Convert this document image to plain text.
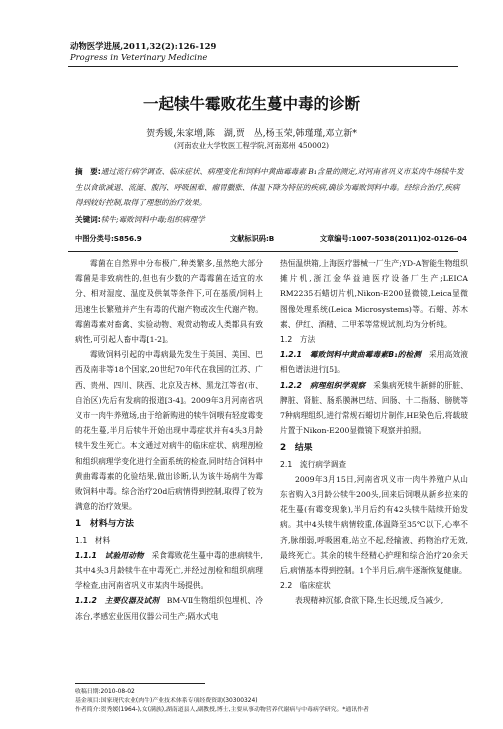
动物医学进展,2011,32(2):126-129
Progress in Veterinary Medicine
一起犊牛霉败花生蔓中毒的诊断
贺秀媛,朱家增,陈　湖,贾　丛,杨玉荣,韩瑾瑾,邓立新*
(河南农业大学牧医工程学院,河南郑州 450002)
摘　要:通过流行病学调查、临床症状、病理变化和饲料中黄曲霉毒素 B₁含量的测定,对河南省巩义市某肉牛场犊牛发生以食欲减退、流涎、腹泻、呼吸困难、瘤胃臌胀、体温下降为特征的疾病,确诊为霉败饲料中毒。经综合治疗,疾病得到较好控制,取得了理想的治疗效果。
关键词:犊牛;霉败饲料中毒;组织病理学
中图分类号:S856.9	文献标识码:B	文章编号:1007-5038(2011)02-0126-04

霉菌在自然界中分布极广,种类繁多,虽然绝大部分霉菌是非致病性的,但也有少数的产毒霉菌在适宜的水分、相对湿度、温度及供氧等条件下,可在基质/饲料上迅速生长繁殖并产生有毒的代谢产物或次生代谢产物。霉菌毒素对畜禽、实验动物、观赏动物或人类都具有致病性,可引起人畜中毒[1-2]。

霉败饲料引起的中毒病最先发生于英国、美国、巴西及南非等18个国家,20世纪70年代在我国的江苏、广西、贵州、四川、陕西、北京及吉林、黑龙江等省(市、自治区)先后有发病的报道[3-4]。2009年3月河南省巩义市一肉牛养殖场,由于给新购进的犊牛饲喂有轻度霉变的花生蔓,半月后犊牛开始出现中毒症状并有4头3月龄犊牛发生死亡。本文通过对病牛的临床症状、病理剖检和组织病理学变化进行全面系统的检查,同时结合饲料中黄曲霉毒素的化验结果,做出诊断,认为该牛场病牛为霉败饲料中毒。综合治疗20d后病情得到控制,取得了较为满意的治疗效果。

1　材料与方法

1.1　材料

1.1.1　试验用动物　采食霉败花生蔓中毒的患病犊牛,其中4头3月龄犊牛在中毒死亡,并经过剖检和组织病理学检查,由河南省巩义市某肉牛场提供。

1.1.2　主要仪器及试剂　BM-VⅡ生物组织包埋机、冷冻台,孝感宏业医用仪器公司生产;隔水式电

热恒温烘箱,上海医疗器械一厂生产;YD-A智能生物组织摊片机,浙江金华益迪医疗设备厂生产;LEICA RM2235石蜡切片机,Nikon-E200显微镜,Leica显微图像处理系统(Leica Microsystems)等。石蜡、苏木素、伊红、酒精、二甲苯等常规试剂,均为分析纯。

1.2　方法

1.2.1　霉败饲料中黄曲霉毒素B₁的检测　采用高效液相色谱法进行[5]。

1.2.2　病理组织学观察　采集病死犊牛新鲜的肝脏、脾脏、肾脏、肠系膜淋巴结、回肠、十二指肠、膀胱等7种病理组织,进行常规石蜡切片制作,HE染色后,将载玻片置于Nikon-E200显微镜下观察并拍照。

2　结果

2.1　流行病学调查

2009年3月15日,河南省巩义市一肉牛养殖户从山东省购入3月龄公犊牛200头,回来后饲喂从新乡拉来的花生蔓(有霉变现象),半月后约有42头犊牛陆续开始发病。其中4头犊牛病情较重,体温降至35℃以下,心率不齐,脉细弱,呼吸困难,站立不起,经输液、药物治疗无效,最终死亡。其余的犊牛经精心护理和综合治疗20余天后,病情基本得到控制。1个半月后,病牛逐渐恢复健康。

2.2　临床症状

表现精神沉郁,食欲下降,生长迟缓,反刍减少,

收稿日期:2010-08-02
基金项目:国家现代农业(肉牛)产业技术体系专项经费资助(30300324)
作者简介:贺秀媛(1964-),女(满族),湖南道县人,副教授,博士,主要从事动物营养代谢病与中毒病学研究。*通讯作者
